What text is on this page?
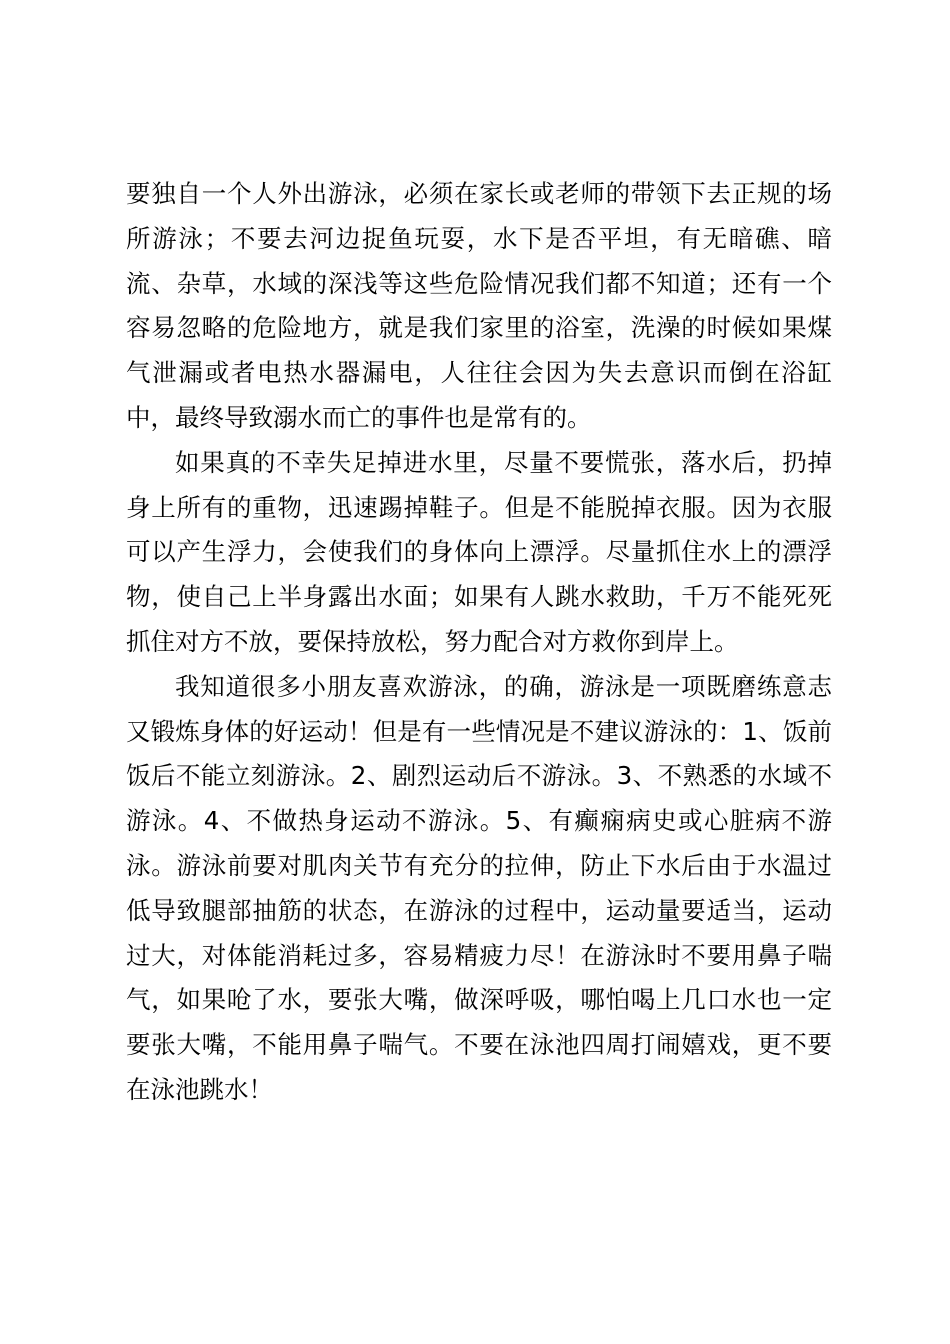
要独自一个人外出游泳，必须在家长或老师的带领下去正规的场所游泳；不要去河边捉鱼玩耍，水下是否平坦，有无暗礁、暗流、杂草，水域的深浅等这些危险情况我们都不知道；还有一个容易忽略的危险地方，就是我们家里的浴室，洗澡的时候如果煤气泄漏或者电热水器漏电，人往往会因为失去意识而倒在浴缸中，最终导致溺水而亡的事件也是常有的。

如果真的不幸失足掉进水里，尽量不要慌张，落水后，扔掉身上所有的重物，迅速踢掉鞋子。但是不能脱掉衣服。因为衣服可以产生浮力，会使我们的身体向上漂浮。尽量抓住水上的漂浮物，使自己上半身露出水面；如果有人跳水救助，千万不能死死抓住对方不放，要保持放松，努力配合对方救你到岸上。

我知道很多小朋友喜欢游泳，的确，游泳是一项既磨练意志又锻炼身体的好运动！但是有一些情况是不建议游泳的：1、饭前饭后不能立刻游泳。2、剧烈运动后不游泳。3、不熟悉的水域不游泳。4、不做热身运动不游泳。5、有癫痫病史或心脏病不游泳。游泳前要对肌肉关节有充分的拉伸，防止下水后由于水温过低导致腿部抽筋的状态，在游泳的过程中，运动量要适当，运动过大，对体能消耗过多，容易精疲力尽！在游泳时不要用鼻子喘气，如果呛了水，要张大嘴，做深呼吸，哪怕喝上几口水也一定要张大嘴，不能用鼻子喘气。不要在泳池四周打闹嬉戏，更不要在泳池跳水！
